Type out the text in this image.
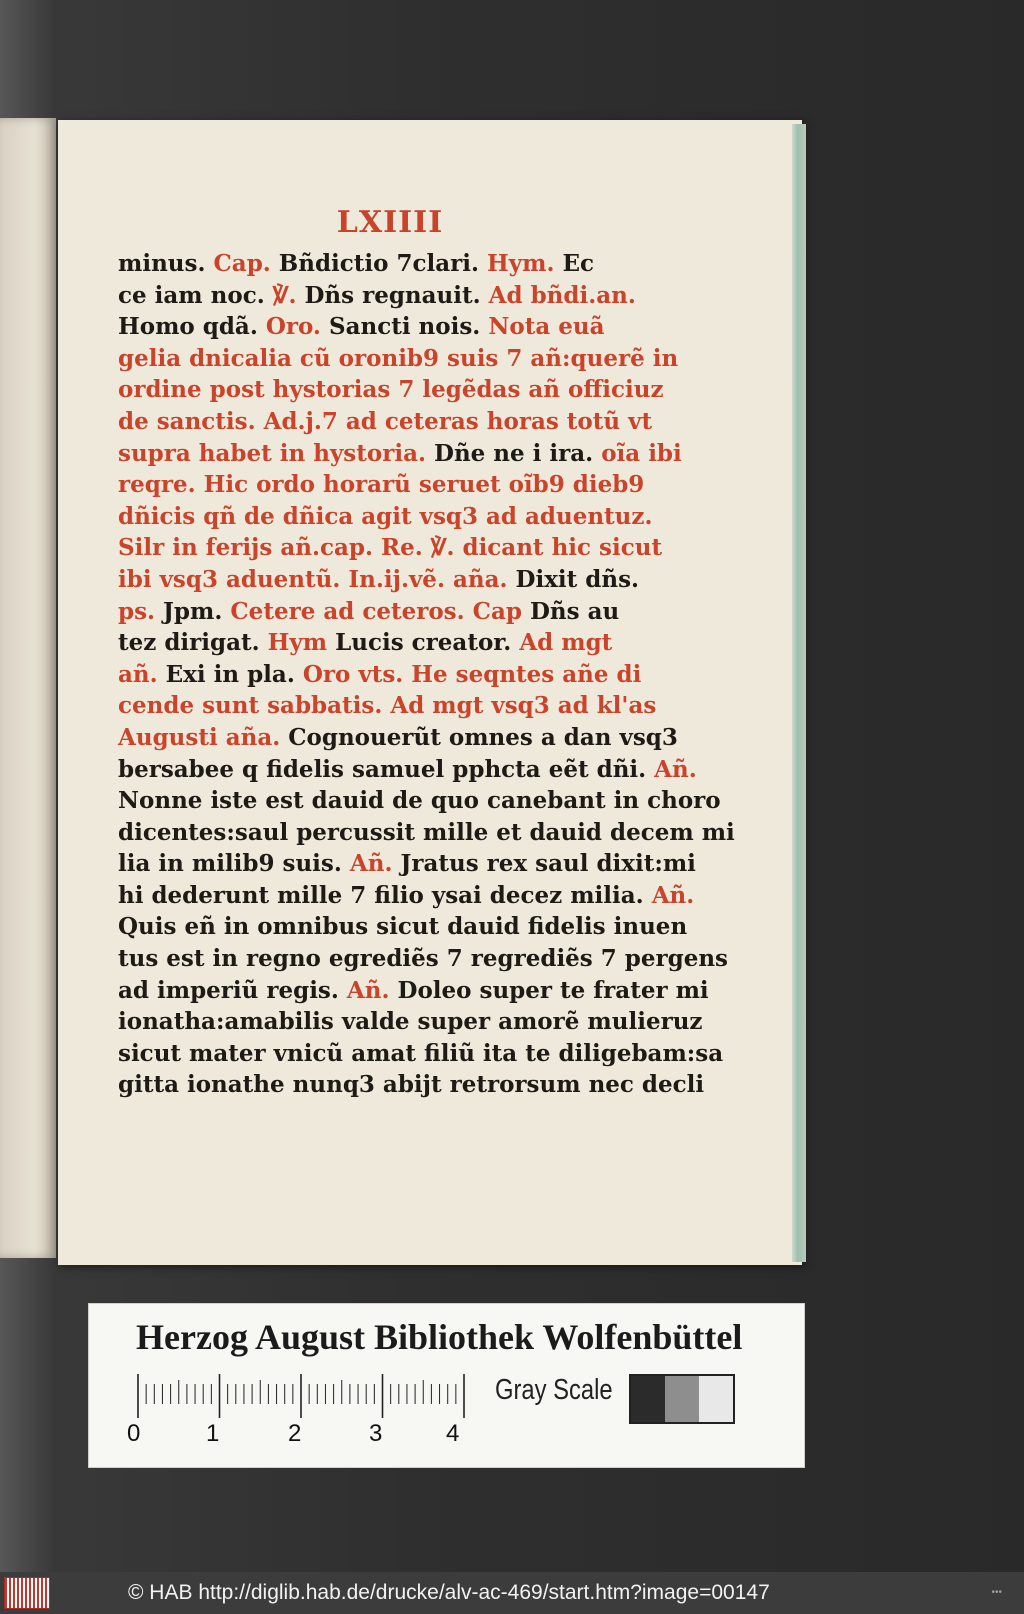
LXIIII
minus. Cap. Bñdictio 7clari. Hym. Ec
ce iam noc. ℣. Dñs regnauit. Ad bñdi.an.
Homo qdã. Oro. Sancti nois. Nota euã
gelia dnicalia cũ oronib9 suis 7 añ:querẽ in
ordine post hystorias 7 legẽdas añ officiuz
de sanctis. Ad.j.7 ad ceteras horas totũ vt
supra habet in hystoria. Dñe ne i ira. oĩa ibi
reqre. Hic ordo horarũ seruet oĩb9 dieb9
dñicis qñ de dñica agit vsq3 ad aduentuz.
Silr in ferijs añ.cap. Re. ℣. dicant hic sicut
ibi vsq3 aduentũ. In.ij.vẽ. aña. Dixit dñs.
ps. Jpm. Cetere ad ceteros. Cap Dñs au
tez dirigat. Hym Lucis creator. Ad mgt
añ. Exi in pla. Oro vts. He seqntes añe di
cende sunt sabbatis. Ad mgt vsq3 ad kl'as
Augusti aña. Cognouerũt omnes a dan vsq3
bersabee q fidelis samuel pphcta eẽt dñi. Añ.
Nonne iste est dauid de quo canebant in choro
dicentes:saul percussit mille et dauid decem mi
lia in milib9 suis. Añ. Jratus rex saul dixit:mi
hi dederunt mille 7 filio ysai decez milia. Añ.
Quis eñ in omnibus sicut dauid fidelis inuen
tus est in regno egrediẽs 7 regrediẽs 7 pergens
ad imperiũ regis. Añ. Doleo super te frater mi
ionatha:amabilis valde super amorẽ mulieruz
sicut mater vnicũ amat filiũ ita te diligebam:sa
gitta ionathe nunq3 abijt retrorsum nec decli
Herzog August Bibliothek Wolfenbüttel
0	1	2	3	4
Gray Scale
© HAB http://diglib.hab.de/drucke/alv-ac-469/start.htm?image=00147	•••
